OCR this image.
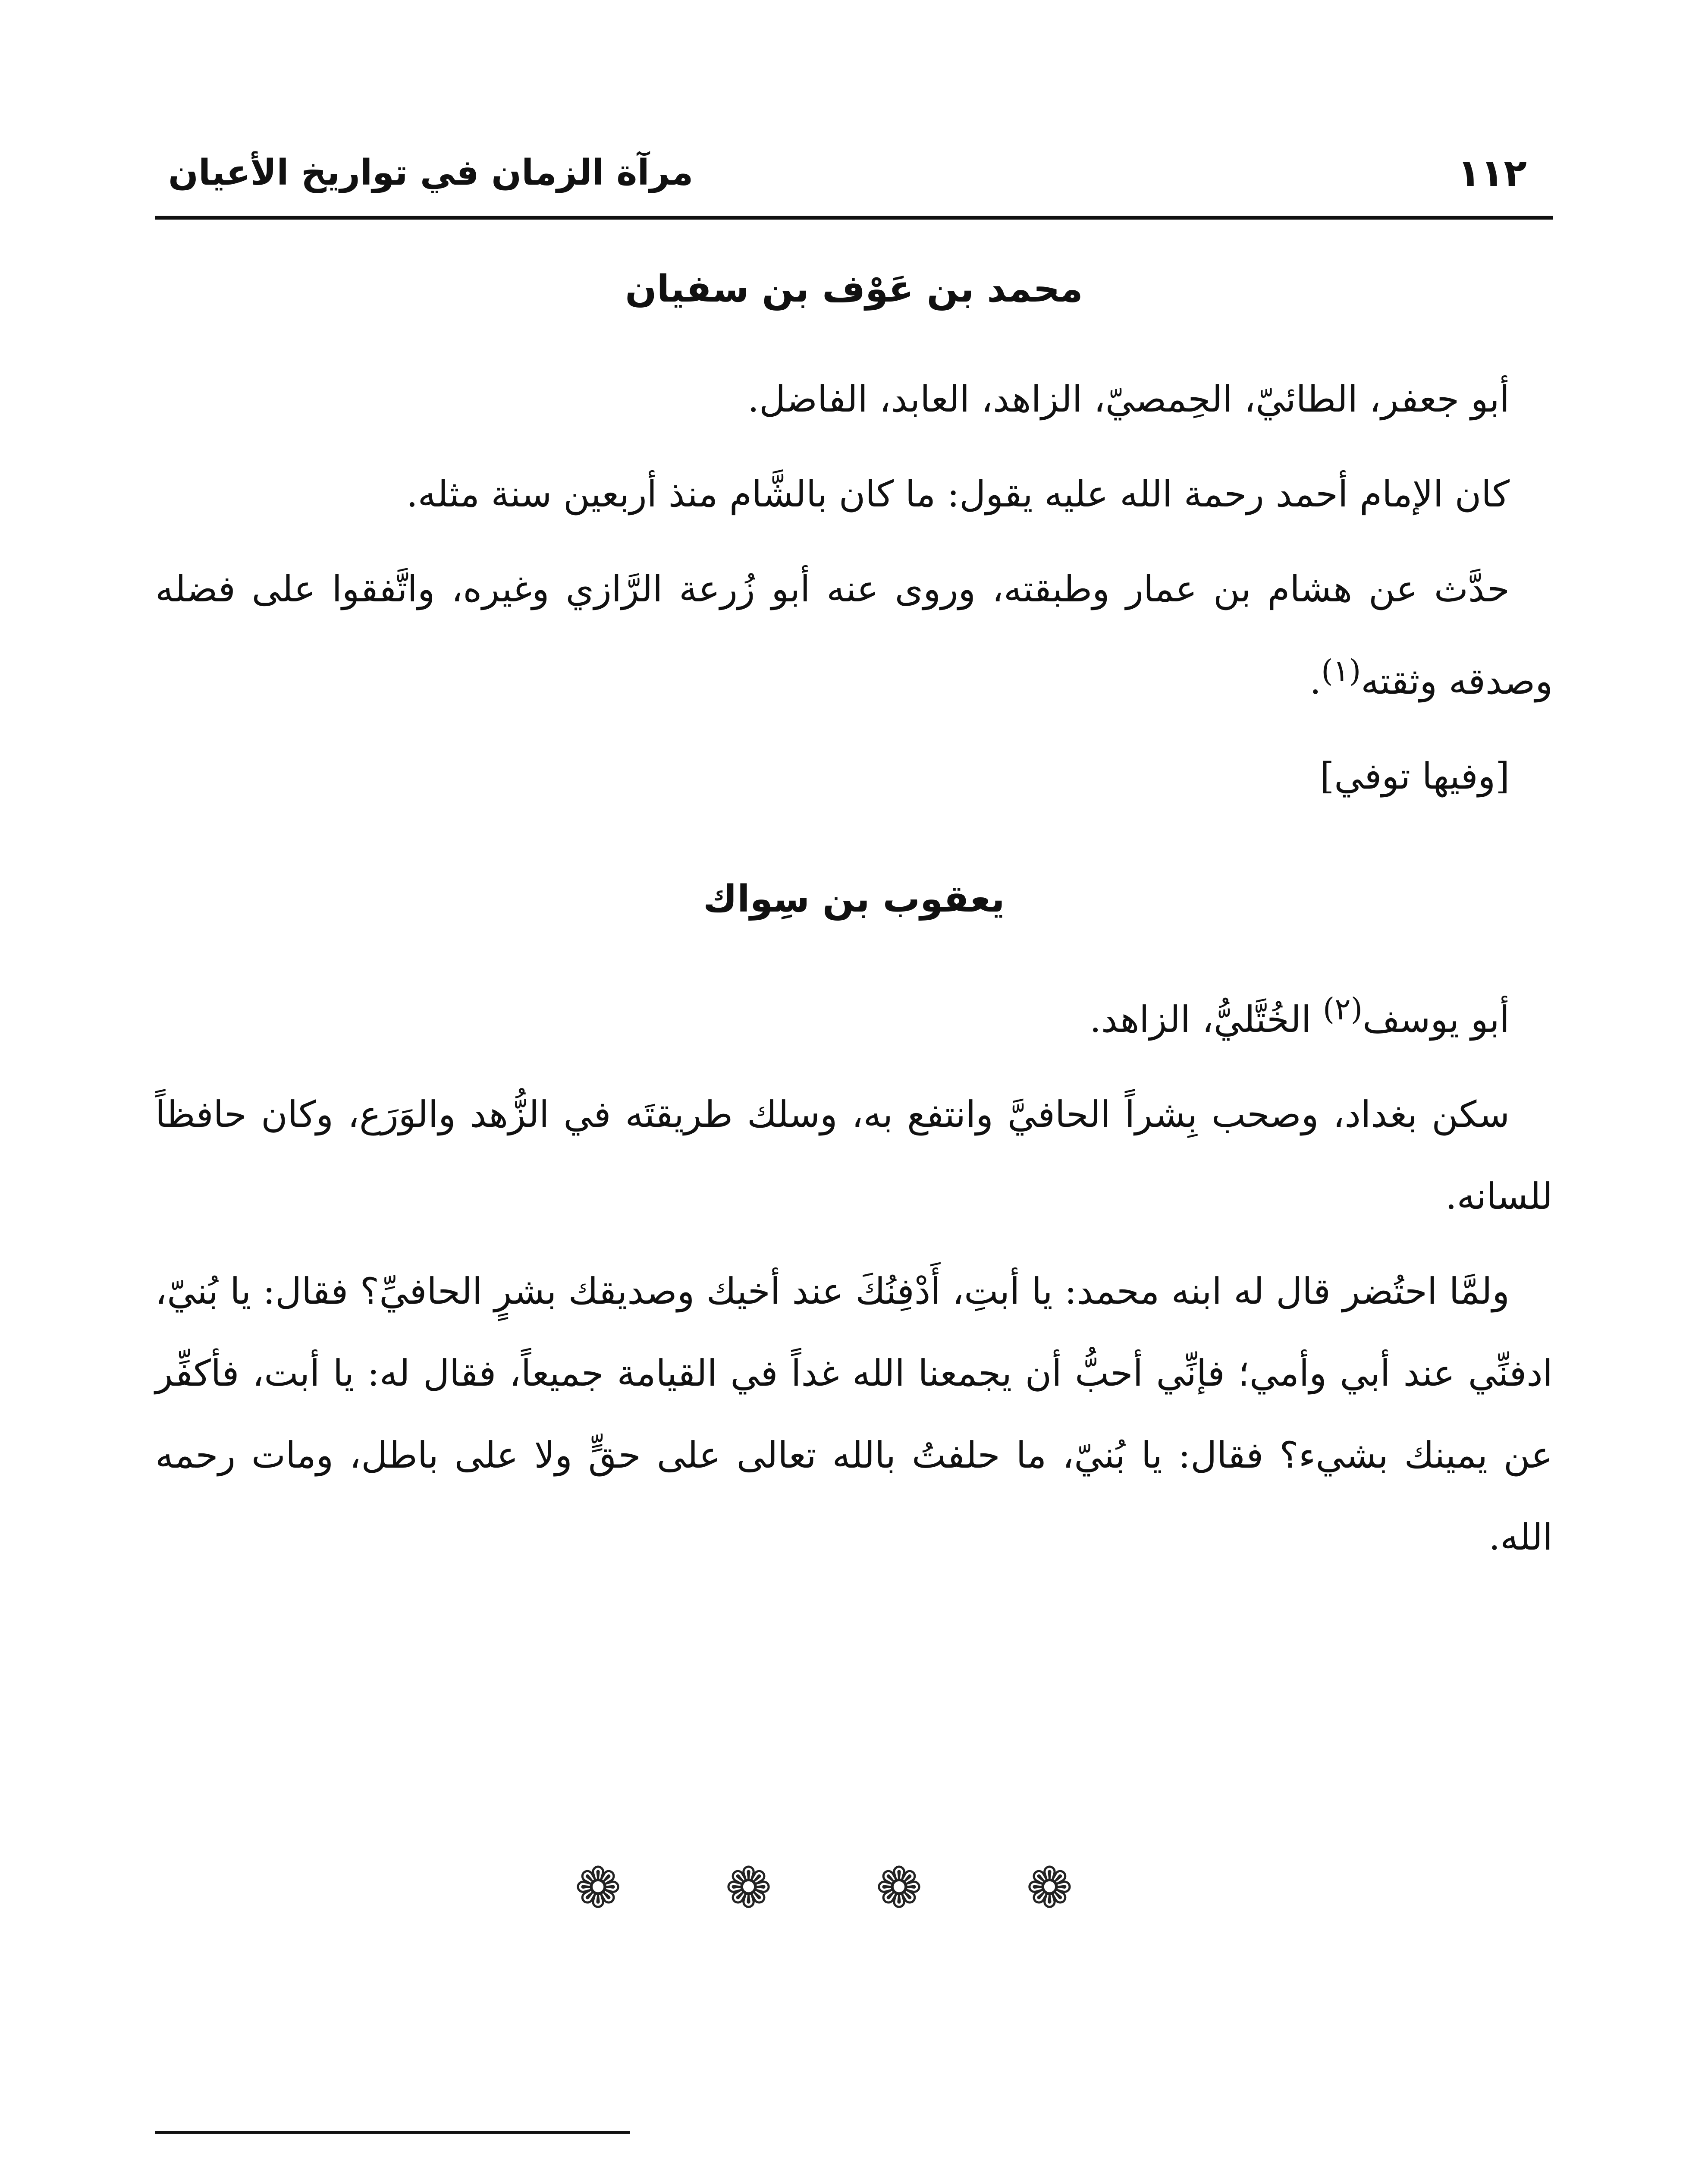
١١٢
مرآة الزمان في تواريخ الأعيان
محمد بن عَوْف بن سفيان

أبو جعفر، الطائيّ، الحِمصيّ، الزاهد، العابد، الفاضل.

كان الإمام أحمد رحمة الله عليه يقول: ما كان بالشَّام منذ أربعين سنة مثله.

حدَّث عن هشام بن عمار وطبقته، وروى عنه أبو زُرعة الرَّازي وغيره، واتَّفقوا على فضله وصدقه وثقته$^{(١)}$.

[وفيها توفي]

يعقوب بن سِواك

أبو يوسف$^{(٢)}$ الخُتَّليُّ، الزاهد.

سكن بغداد، وصحب بِشراً الحافيَّ وانتفع به، وسلك طريقتَه في الزُّهد والوَرَع، وكان حافظاً للسانه.

ولمَّا احتُضر قال له ابنه محمد: يا أبتِ، أَدْفِنُكَ عند أخيك وصديقك بشرٍ الحافيِّ؟ فقال: يا بُنيّ، ادفنِّي عند أبي وأمي؛ فإنِّي أحبُّ أن يجمعنا الله غداً في القيامة جميعاً، فقال له: يا أبت، فأكفِّر عن يمينك بشيء؟ فقال: يا بُنيّ، ما حلفتُ بالله تعالى على حقٍّ ولا على باطل، ومات رحمه الله.

❁❁❁❁
